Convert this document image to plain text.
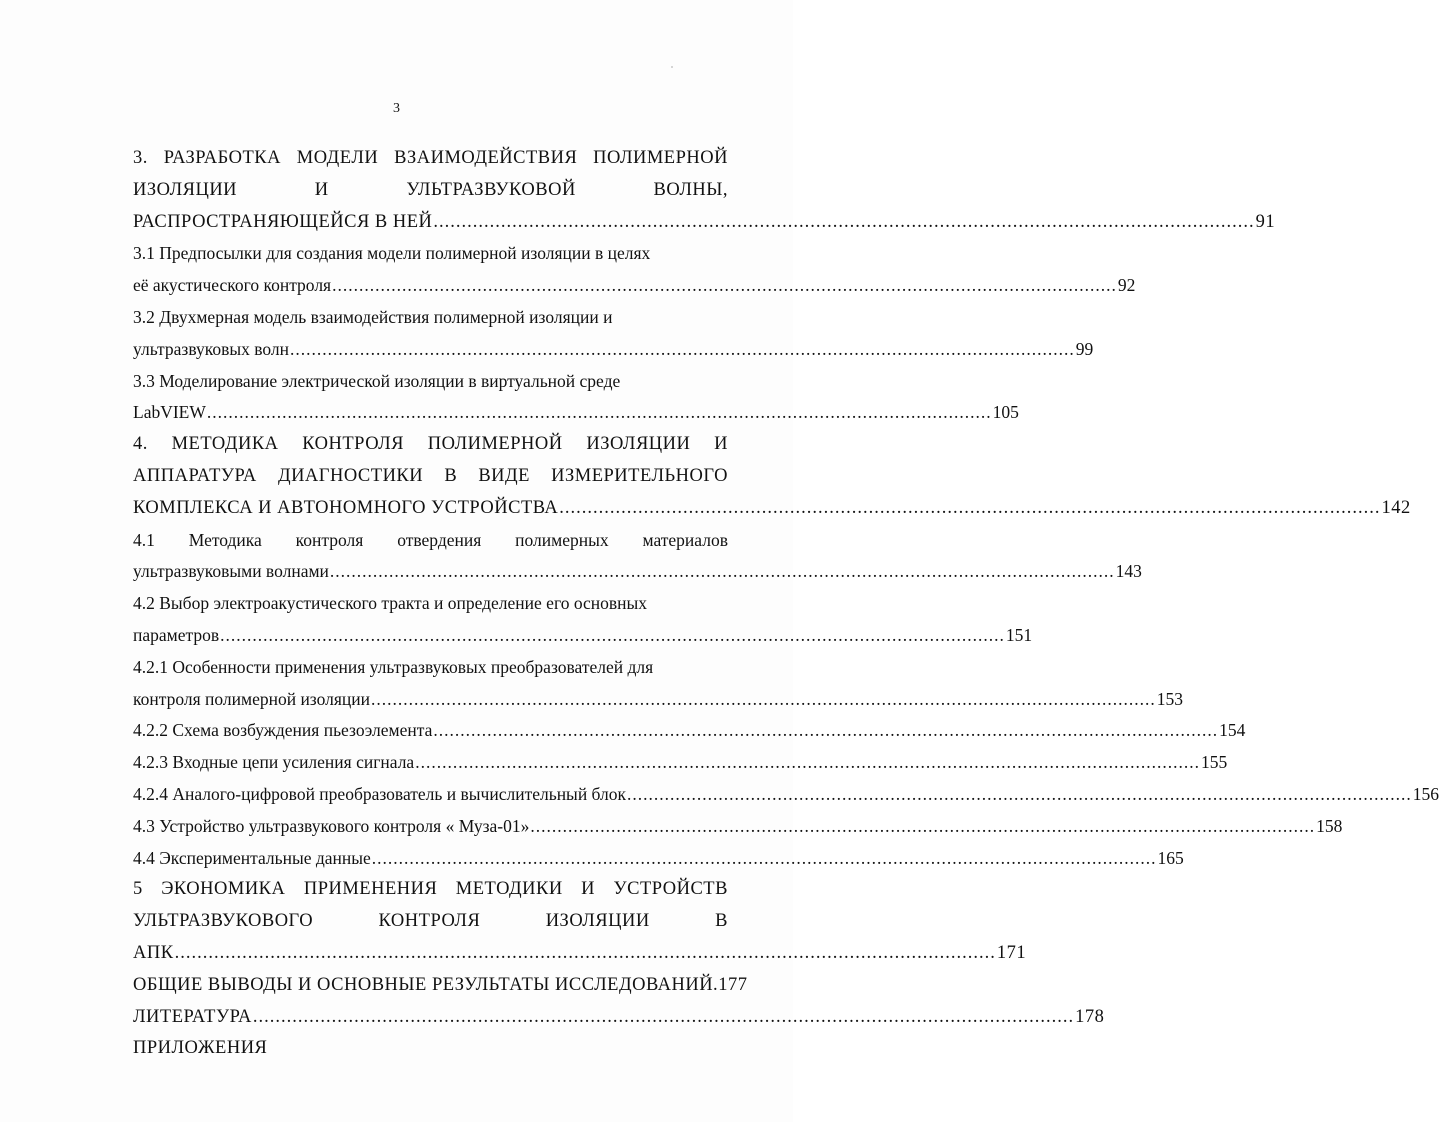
3
3. РАЗРАБОТКА МОДЕЛИ ВЗАИМОДЕЙСТВИЯ ПОЛИМЕРНОЙ
ИЗОЛЯЦИИ	И	УЛЬТРАЗВУКОВОЙ	ВОЛНЫ,
РАСПРОСТРАНЯЮЩЕЙСЯ В НЕЙ .................................................................................................................................................. 91
3.1 Предпосылки для создания модели полимерной изоляции в целях
её акустического контроля .................................................................................................................................................. 92
3.2 Двухмерная модель взаимодействия полимерной изоляции и
ультразвуковых волн .................................................................................................................................................. 99
3.3 Моделирование электрической изоляции в виртуальной среде
LabVIEW .................................................................................................................................................. 105
4. МЕТОДИКА КОНТРОЛЯ ПОЛИМЕРНОЙ ИЗОЛЯЦИИ И
АППАРАТУРА ДИАГНОСТИКИ В ВИДЕ ИЗМЕРИТЕЛЬНОГО
КОМПЛЕКСА И АВТОНОМНОГО УСТРОЙСТВА .................................................................................................................................................. 142
4.1 Методика контроля отвердения полимерных материалов
ультразвуковыми волнами .................................................................................................................................................. 143
4.2 Выбор электроакустического тракта и определение его основных
параметров .................................................................................................................................................. 151
4.2.1 Особенности применения ультразвуковых преобразователей для
контроля полимерной изоляции .................................................................................................................................................. 153
4.2.2 Схема возбуждения пьезоэлемента .................................................................................................................................................. 154
4.2.3 Входные цепи усиления сигнала .................................................................................................................................................. 155
4.2.4 Аналого-цифровой преобразователь и вычислительный блок .................................................................................................................................................. 156
4.3 Устройство ультразвукового контроля « Муза-01» .................................................................................................................................................. 158
4.4 Экспериментальные данные .................................................................................................................................................. 165
5 ЭКОНОМИКА ПРИМЕНЕНИЯ МЕТОДИКИ И УСТРОЙСТВ
УЛЬТРАЗВУКОВОГО	КОНТРОЛЯ	ИЗОЛЯЦИИ	В
АПК .................................................................................................................................................. 171
ОБЩИЕ ВЫВОДЫ И ОСНОВНЫЕ РЕЗУЛЬТАТЫ ИССЛЕДОВАНИЙ. 177
ЛИТЕРАТУРА .................................................................................................................................................. 178
ПРИЛОЖЕНИЯ
